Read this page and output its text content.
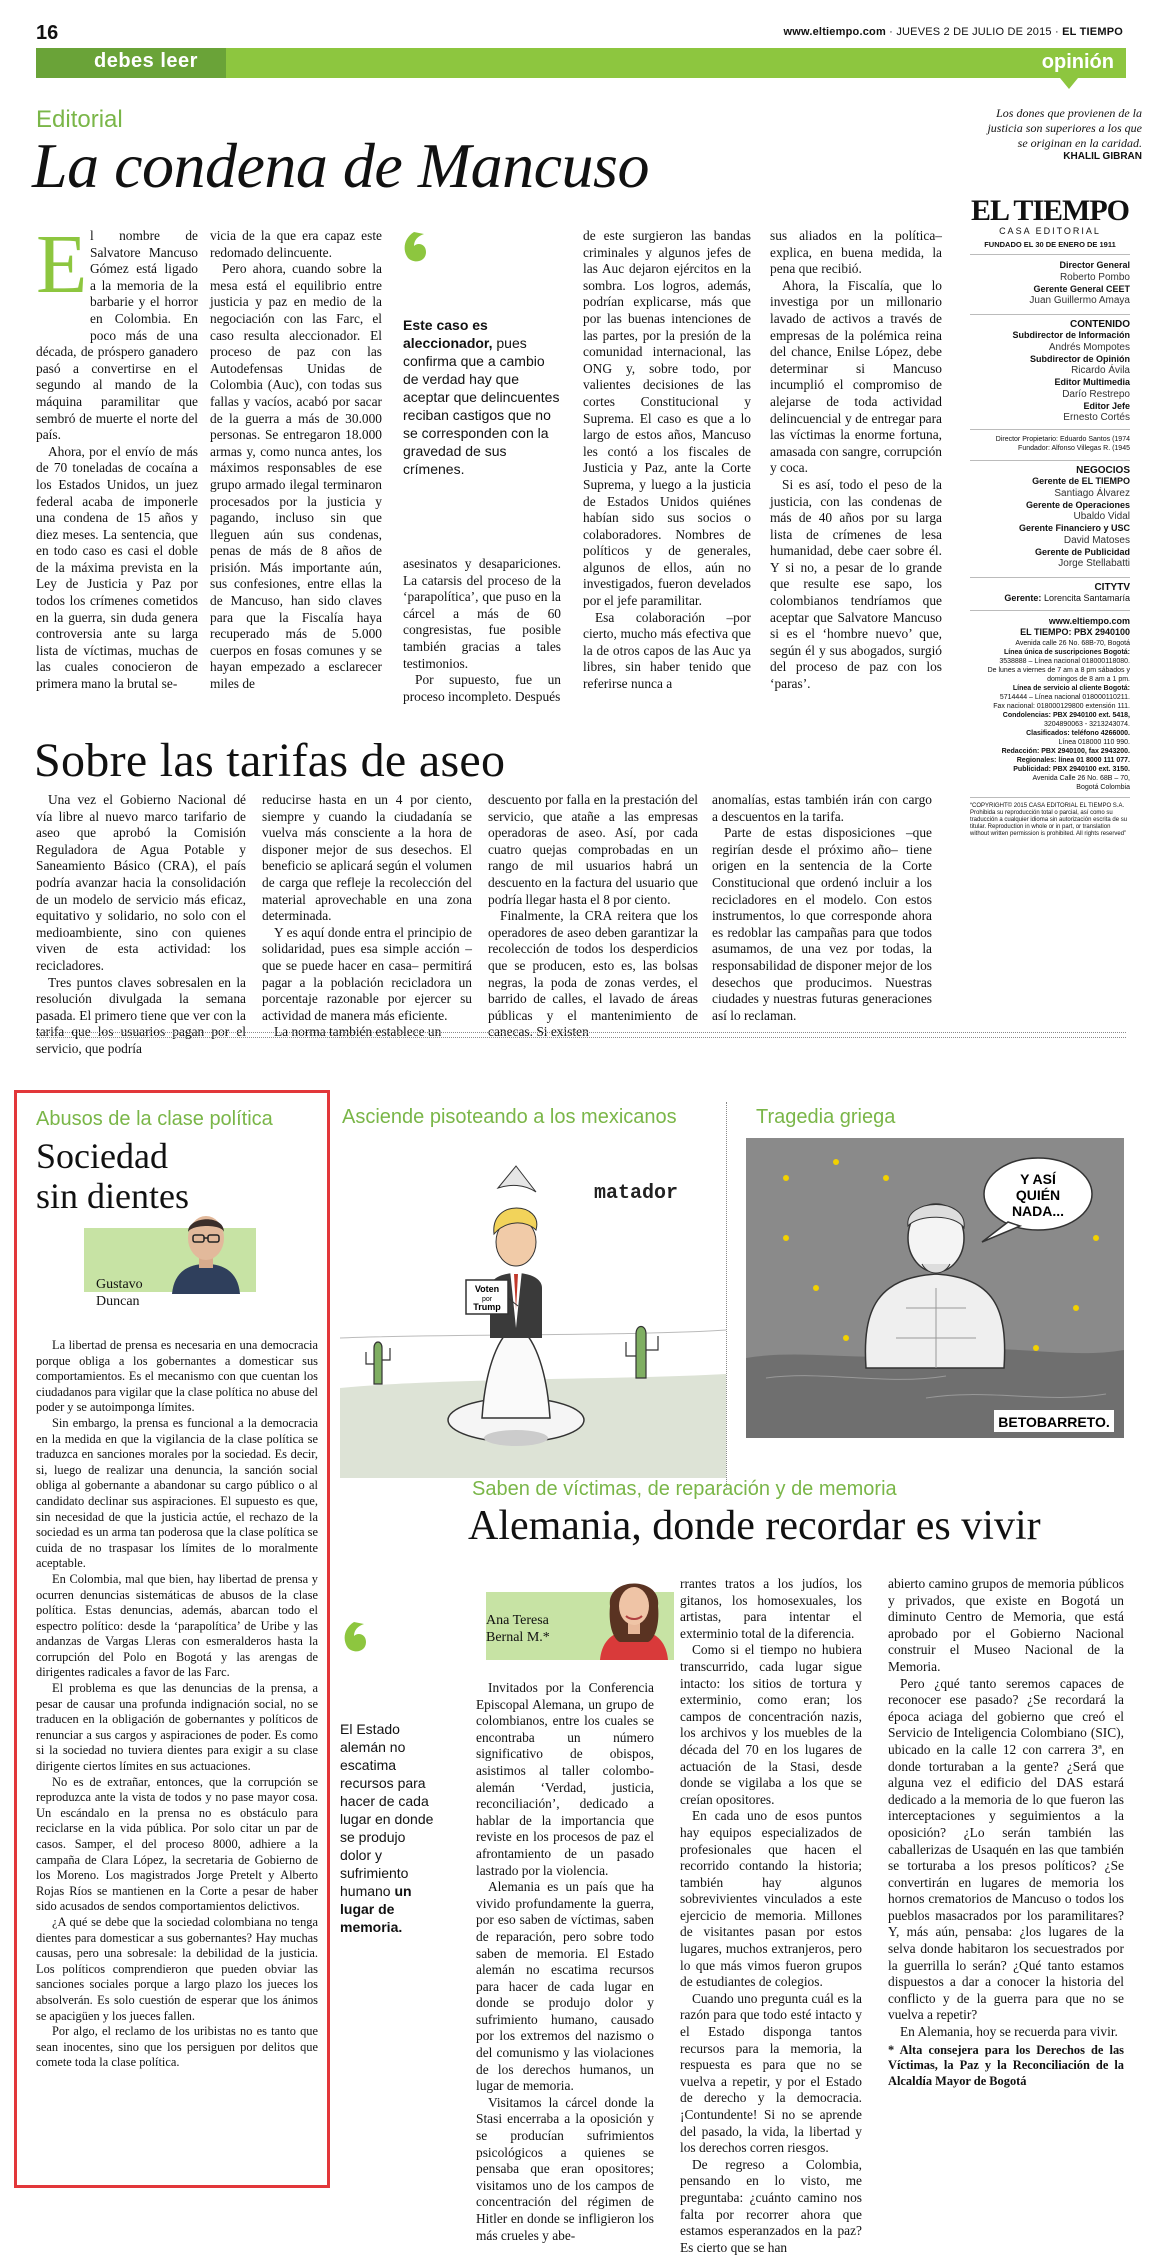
16	www.eltiempo.com · JUEVES 2 DE JULIO DE 2015 · EL TIEMPO
debes leer	opinión
Editorial
La condena de Mancuso
Los dones que provienen de la justicia son superiores a los que se originan en la caridad.
KHALIL GIBRAN
E l nombre de Salvatore Mancuso Gómez está ligado a la memoria de la barbarie y el horror en Colombia. En poco más de una década, de próspero ganadero pasó a convertirse en el segundo al mando de la máquina paramilitar que sembró de muerte el norte del país.

Ahora, por el envío de más de 70 toneladas de cocaína a los Estados Unidos, un juez federal acaba de imponerle una condena de 15 años y diez meses. La sentencia, que en todo caso es casi el doble de la máxima prevista en la Ley de Justicia y Paz por todos los crímenes cometidos en la guerra, sin duda genera controversia ante su larga lista de víctimas, muchas de las cuales conocieron de primera mano la brutal se-

vicia de la que era capaz este redomado delincuente.

Pero ahora, cuando sobre la mesa está el equilibrio entre justicia y paz en medio de la negociación con las Farc, el caso resulta aleccionador. El proceso de paz con las Autodefensas Unidas de Colombia (Auc), con todas sus fallas y vacíos, acabó por sacar de la guerra a más de 30.000 personas. Se entregaron 18.000 armas y, como nunca antes, los máximos responsables de ese grupo armado ilegal terminaron procesados por la justicia y pagando, incluso sin que lleguen aún sus condenas, penas de más de 8 años de prisión. Más importante aún, sus confesiones, entre ellas la de Mancuso, han sido claves para que la Fiscalía haya recuperado más de 5.000 cuerpos en fosas comunes y se hayan empezado a esclarecer miles de

Este caso es aleccionador, pues confirma que a cambio de verdad hay que aceptar que delincuentes reciban castigos que no se corresponden con la gravedad de sus crímenes.

asesinatos y desapariciones. La catarsis del proceso de la ‘parapolítica’, que puso en la cárcel a más de 60 congresistas, fue posible también gracias a tales testimonios.

Por supuesto, fue un proceso incompleto. Después

de este surgieron las bandas criminales y algunos jefes de las Auc dejaron ejércitos en la sombra. Los logros, además, podrían explicarse, más que por las buenas intenciones de las partes, por la presión de la comunidad internacional, las ONG y, sobre todo, por valientes decisiones de las cortes Constitucional y Suprema. El caso es que a lo largo de estos años, Mancuso les contó a los fiscales de Justicia y Paz, ante la Corte Suprema, y luego a la justicia de Estados Unidos quiénes habían sido sus socios o colaboradores. Nombres de políticos y de generales, algunos de ellos, aún no investigados, fueron develados por el jefe paramilitar.

Esa colaboración –por cierto, mucho más efectiva que la de otros capos de las Auc ya libres, sin haber tenido que referirse nunca a

sus aliados en la política– explica, en buena medida, la pena que recibió.

Ahora, la Fiscalía, que lo investiga por un millonario lavado de activos a través de empresas de la polémica reina del chance, Enilse López, debe determinar si Mancuso incumplió el compromiso de alejarse de toda actividad delincuencial y de entregar para las víctimas la enorme fortuna, amasada con sangre, corrupción y coca.

Si es así, todo el peso de la justicia, con las condenas de más de 40 años por su larga lista de crímenes de lesa humanidad, debe caer sobre él. Y si no, a pesar de lo grande que resulte ese sapo, los colombianos tendríamos que aceptar que Salvatore Mancuso si es el ‘hombre nuevo’ que, según él y sus abogados, surgió del proceso de paz con los ‘paras’.

EL TIEMPO
CASA EDITORIAL
FUNDADO EL 30 DE ENERO DE 1911
Director General
Roberto Pombo
Gerente General CEET
Juan Guillermo Amaya
CONTENIDO
Subdirector de Información
Andrés Mompotes
Subdirector de Opinión
Ricardo Ávila
Editor Multimedia
Darío Restrepo
Editor Jefe
Ernesto Cortés
Director Propietario: Eduardo Santos (1974
Fundador: Alfonso Villegas R. (1945
NEGOCIOS
Gerente de EL TIEMPO
Santiago Álvarez
Gerente de Operaciones
Ubaldo Vidal
Gerente Financiero y USC
David Matoses
Gerente de Publicidad
Jorge Stellabatti
CITYTV
Gerente: Lorencita Santamaría
www.eltiempo.com
EL TIEMPO: PBX 2940100
Avenida calle 26 No. 68B-70, Bogotá
Línea única de suscripciones Bogotá:
3538888 – Línea nacional 018000118080.
De lunes a viernes de 7 am a 8 pm sábados y
domingos de 8 am a 1 pm.
Línea de servicio al cliente Bogotá:
5714444 – Línea nacional 018000110211.
Fax nacional: 018000129800 extensión 111.
Condolencias: PBX 2940100 ext. 5418,
3204890063 - 3213243074.
Clasificados: teléfono 4266000.
Línea 018000 110 990.
Redacción: PBX 2940100, fax 2943200.
Regionales: línea 01 8000 111 077.
Publicidad: PBX 2940100 ext. 3150.
Avenida Calle 26 No. 68B – 70,
Bogotá Colombia
“COPYRIGHT© 2015 CASA EDITORIAL EL TIEMPO S.A. Prohibida su reproducción total o parcial, así como su traducción a cualquier idioma sin autorización escrita de su titular. Reproduction in whole or in part, or translation without written permission is prohibited. All rights reserved”
Sobre las tarifas de aseo

Una vez el Gobierno Nacional dé vía libre al nuevo marco tarifario de aseo que aprobó la Comisión Reguladora de Agua Potable y Saneamiento Básico (CRA), el país podría avanzar hacia la consolidación de un modelo de servicio más eficaz, equitativo y solidario, no solo con el medioambiente, sino con quienes viven de esta actividad: los recicladores.

Tres puntos claves sobresalen en la resolución divulgada la semana pasada. El primero tiene que ver con la tarifa que los usuarios pagan por el servicio, que podría

reducirse hasta en un 4 por ciento, siempre y cuando la ciudadanía se vuelva más consciente a la hora de disponer mejor de sus desechos. El beneficio se aplicará según el volumen de carga que refleje la recolección del material aprovechable en una zona determinada.

Y es aquí donde entra el principio de solidaridad, pues esa simple acción –que se puede hacer en casa– permitirá pagar a la población recicladora un porcentaje razonable por ejercer su actividad de manera más eficiente.

La norma también establece un

descuento por falla en la prestación del servicio, que atañe a las empresas operadoras de aseo. Así, por cada cuatro quejas comprobadas en un rango de mil usuarios habrá un descuento en la factura del usuario que podría llegar hasta el 8 por ciento.

Finalmente, la CRA reitera que los operadores de aseo deben garantizar la recolección de todos los desperdicios que se producen, esto es, las bolsas negras, la poda de zonas verdes, el barrido de calles, el lavado de áreas públicas y el mantenimiento de canecas. Si existen

anomalías, estas también irán con cargo a descuentos en la tarifa.

Parte de estas disposiciones –que regirían desde el próximo año– tiene origen en la sentencia de la Corte Constitucional que ordenó incluir a los recicladores en el modelo. Con estos instrumentos, lo que corresponde ahora es redoblar las campañas para que todos asumamos, de una vez por todas, la responsabilidad de disponer mejor de los desechos que producimos. Nuestras ciudades y nuestras futuras generaciones así lo reclaman.

Abusos de la clase política
Sociedad
sin dientes
Gustavo
Duncan

La libertad de prensa es necesaria en una democracia porque obliga a los gobernantes a domesticar sus comportamientos. Es el mecanismo con que cuentan los ciudadanos para vigilar que la clase política no abuse del poder y se autoimponga límites.

Sin embargo, la prensa es funcional a la democracia en la medida en que la vigilancia de la clase política se traduzca en sanciones morales por la sociedad. Es decir, si, luego de realizar una denuncia, la sanción social obliga al gobernante a abandonar su cargo público o al candidato declinar sus aspiraciones. El supuesto es que, sin necesidad de que la justicia actúe, el rechazo de la sociedad es un arma tan poderosa que la clase política se cuida de no traspasar los límites de lo moralmente aceptable.

En Colombia, mal que bien, hay libertad de prensa y ocurren denuncias sistemáticas de abusos de la clase política. Estas denuncias, además, abarcan todo el espectro político: desde la ‘parapolítica’ de Uribe y las andanzas de Vargas Lleras con esmeralderos hasta la corrupción del Polo en Bogotá y las arengas de dirigentes radicales a favor de las Farc.

El problema es que las denuncias de la prensa, a pesar de causar una profunda indignación social, no se traducen en la obligación de gobernantes y políticos de renunciar a sus cargos y aspiraciones de poder. Es como si la sociedad no tuviera dientes para exigir a su clase dirigente ciertos límites en sus actuaciones.

No es de extrañar, entonces, que la corrupción se reproduzca ante la vista de todos y no pase mayor cosa. Un escándalo en la prensa no es obstáculo para reciclarse en la vida pública. Por solo citar un par de casos. Samper, el del proceso 8000, adhiere a la campaña de Clara López, la secretaria de Gobierno de los Moreno. Los magistrados Jorge Pretelt y Alberto Rojas Ríos se mantienen en la Corte a pesar de haber sido acusados de sendos comportamientos delictivos.

¿A qué se debe que la sociedad colombiana no tenga dientes para domesticar a sus gobernantes? Hay muchas causas, pero una sobresale: la debilidad de la justicia. Los políticos comprendieron que pueden obviar las sanciones sociales porque a largo plazo los jueces los absolverán. Es solo cuestión de esperar que los ánimos se apacigüen y los jueces fallen.

Por algo, el reclamo de los uribistas no es tanto que sean inocentes, sino que los persiguen por delitos que comete toda la clase política.

Asciende pisoteando a los mexicanos	Tragedia griega
Voten
por
Trump
matador
Y ASÍ
QUIÉN
NADA...
BETOBARRETO.
Saben de víctimas, de reparación y de memoria
Alemania, donde recordar es vivir
El Estado alemán no escatima recursos para hacer de cada lugar en donde se produjo dolor y sufrimiento humano un lugar de memoria.
Ana Teresa
Bernal M.*

Invitados por la Conferencia Episcopal Alemana, un grupo de colombianos, entre los cuales se encontraba un número significativo de obispos, asistimos al taller colombo-alemán ‘Verdad, justicia, reconciliación’, dedicado a hablar de la importancia que reviste en los procesos de paz el afrontamiento de un pasado lastrado por la violencia.

Alemania es un país que ha vivido profundamente la guerra, por eso saben de víctimas, saben de reparación, pero sobre todo saben de memoria. El Estado alemán no escatima recursos para hacer de cada lugar en donde se produjo dolor y sufrimiento humano, causado por los extremos del nazismo o del comunismo y las violaciones de los derechos humanos, un lugar de memoria.

Visitamos la cárcel donde la Stasi encerraba a la oposición y se producían sufrimientos psicológicos a quienes se pensaba que eran opositores; visitamos uno de los campos de concentración del régimen de Hitler en donde se infligieron los más crueles y abe-

rrantes tratos a los judíos, los gitanos, los homosexuales, los artistas, para intentar el exterminio total de la diferencia.

Como si el tiempo no hubiera transcurrido, cada lugar sigue intacto: los sitios de tortura y exterminio, como eran; los campos de concentración nazis, los archivos y los muebles de la década del 70 en los lugares de actuación de la Stasi, desde donde se vigilaba a los que se creían opositores.

En cada uno de esos puntos hay equipos especializados de profesionales que hacen el recorrido contando la historia; también hay algunos sobrevivientes vinculados a este ejercicio de memoria. Millones de visitantes pasan por estos lugares, muchos extranjeros, pero lo que más vimos fueron grupos de estudiantes de colegios.

Cuando uno pregunta cuál es la razón para que todo esté intacto y el Estado disponga tantos recursos para la memoria, la respuesta es para que no se vuelva a repetir, y por el Estado de derecho y la democracia. ¡Contundente! Si no se aprende del pasado, la vida, la libertad y los derechos corren riesgos.

De regreso a Colombia, pensando en lo visto, me preguntaba: ¿cuánto camino nos falta por recorrer ahora que estamos esperanzados en la paz? Es cierto que se han

abierto camino grupos de memoria públicos y privados, que existe en Bogotá un diminuto Centro de Memoria, que está aprobado por el Gobierno Nacional construir el Museo Nacional de la Memoria.

Pero ¿qué tanto seremos capaces de reconocer ese pasado? ¿Se recordará la época aciaga del gobierno que creó el Servicio de Inteligencia Colombiano (SIC), ubicado en la calle 12 con carrera 3ª, en donde torturaban a la gente? ¿Será que alguna vez el edificio del DAS estará dedicado a la memoria de lo que fueron las interceptaciones y seguimientos a la oposición? ¿Lo serán también las caballerizas de Usaquén en las que también se torturaba a los presos políticos? ¿Se convertirán en lugares de memoria los hornos crematorios de Mancuso o todos los pueblos masacrados por los paramilitares? Y, más aún, pensaba: ¿los lugares de la selva donde habitaron los secuestrados por la guerrilla lo serán? ¿Qué tanto estamos dispuestos a dar a conocer la historia del conflicto y de la guerra para que no se vuelva a repetir?

En Alemania, hoy se recuerda para vivir.

* Alta consejera para los Derechos de las Víctimas, la Paz y la Reconciliación de la Alcaldía Mayor de Bogotá
